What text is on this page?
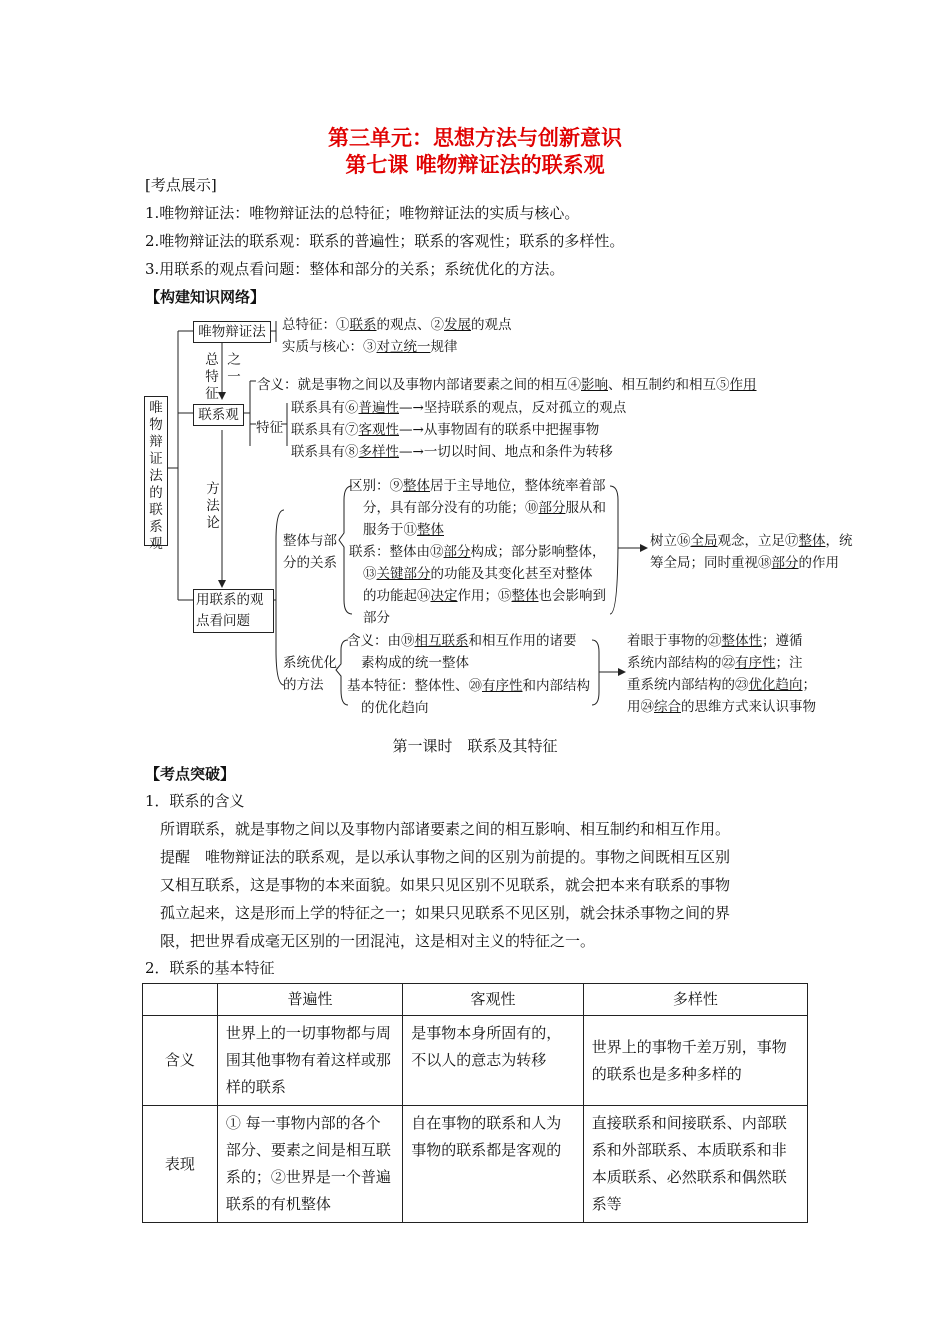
第三单元：思想方法与创新意识
第七课 唯物辩证法的联系观
[考点展示]
1.唯物辩证法：唯物辩证法的总特征；唯物辩证法的实质与核心。
2.唯物辩证法的联系观：联系的普遍性；联系的客观性；联系的多样性。
3.用联系的观点看问题：整体和部分的关系；系统优化的方法。
【构建知识网络】
唯
物
辩
证
法
的
联
系
观
唯物辩证法	总特征：①联系的观点、②发展的观点
实质与核心：③对立统一规律
总
特
征
之
一
联系观
含义：就是事物之间以及事物内部诸要素之间的相互④影响、相互制约和相互⑤作用
特征
联系具有⑥普遍性—→坚持联系的观点，反对孤立的观点
联系具有⑦客观性—→从事物固有的联系中把握事物
联系具有⑧多样性—→一切以时间、地点和条件为转移
方
法
论
用联系的观
点看问题
整体与部
分的关系
区别：⑨整体居于主导地位，整体统率着部
分，具有部分没有的功能；⑩部分服从和
服务于⑪整体
联系：整体由⑫部分构成；部分影响整体，
⑬关键部分的功能及其变化甚至对整体
的功能起⑭决定作用；⑮整体也会影响到
部分
树立⑯全局观念，立足⑰整体，统
筹全局；同时重视⑱部分的作用
系统优化
的方法
含义：由⑲相互联系和相互作用的诸要
素构成的统一整体
基本特征：整体性、⑳有序性和内部结构
的优化趋向
着眼于事物的㉑整体性；遵循
系统内部结构的㉒有序性；注
重系统内部结构的㉓优化趋向；
用㉔综合的思维方式来认识事物
第一课时　联系及其特征
【考点突破】
1．联系的含义
所谓联系，就是事物之间以及事物内部诸要素之间的相互影响、相互制约和相互作用。
提醒　唯物辩证法的联系观，是以承认事物之间的区别为前提的。事物之间既相互区别
又相互联系，这是事物的本来面貌。如果只见区别不见联系，就会把本来有联系的事物
孤立起来，这是形而上学的特征之一；如果只见联系不见区别，就会抹杀事物之间的界
限，把世界看成毫无区别的一团混沌，这是相对主义的特征之一。
2．联系的基本特征
	普遍性	客观性	多样性
含义	世界上的一切事物都与周围其他事物有着这样或那样的联系	是事物本身所固有的，不以人的意志为转移	世界上的事物千差万别，事物的联系也是多种多样的
表现	① 每一事物内部的各个部分、要素之间是相互联系的；②世界是一个普遍联系的有机整体	自在事物的联系和人为事物的联系都是客观的	直接联系和间接联系、内部联系和外部联系、本质联系和非本质联系、必然联系和偶然联系等
